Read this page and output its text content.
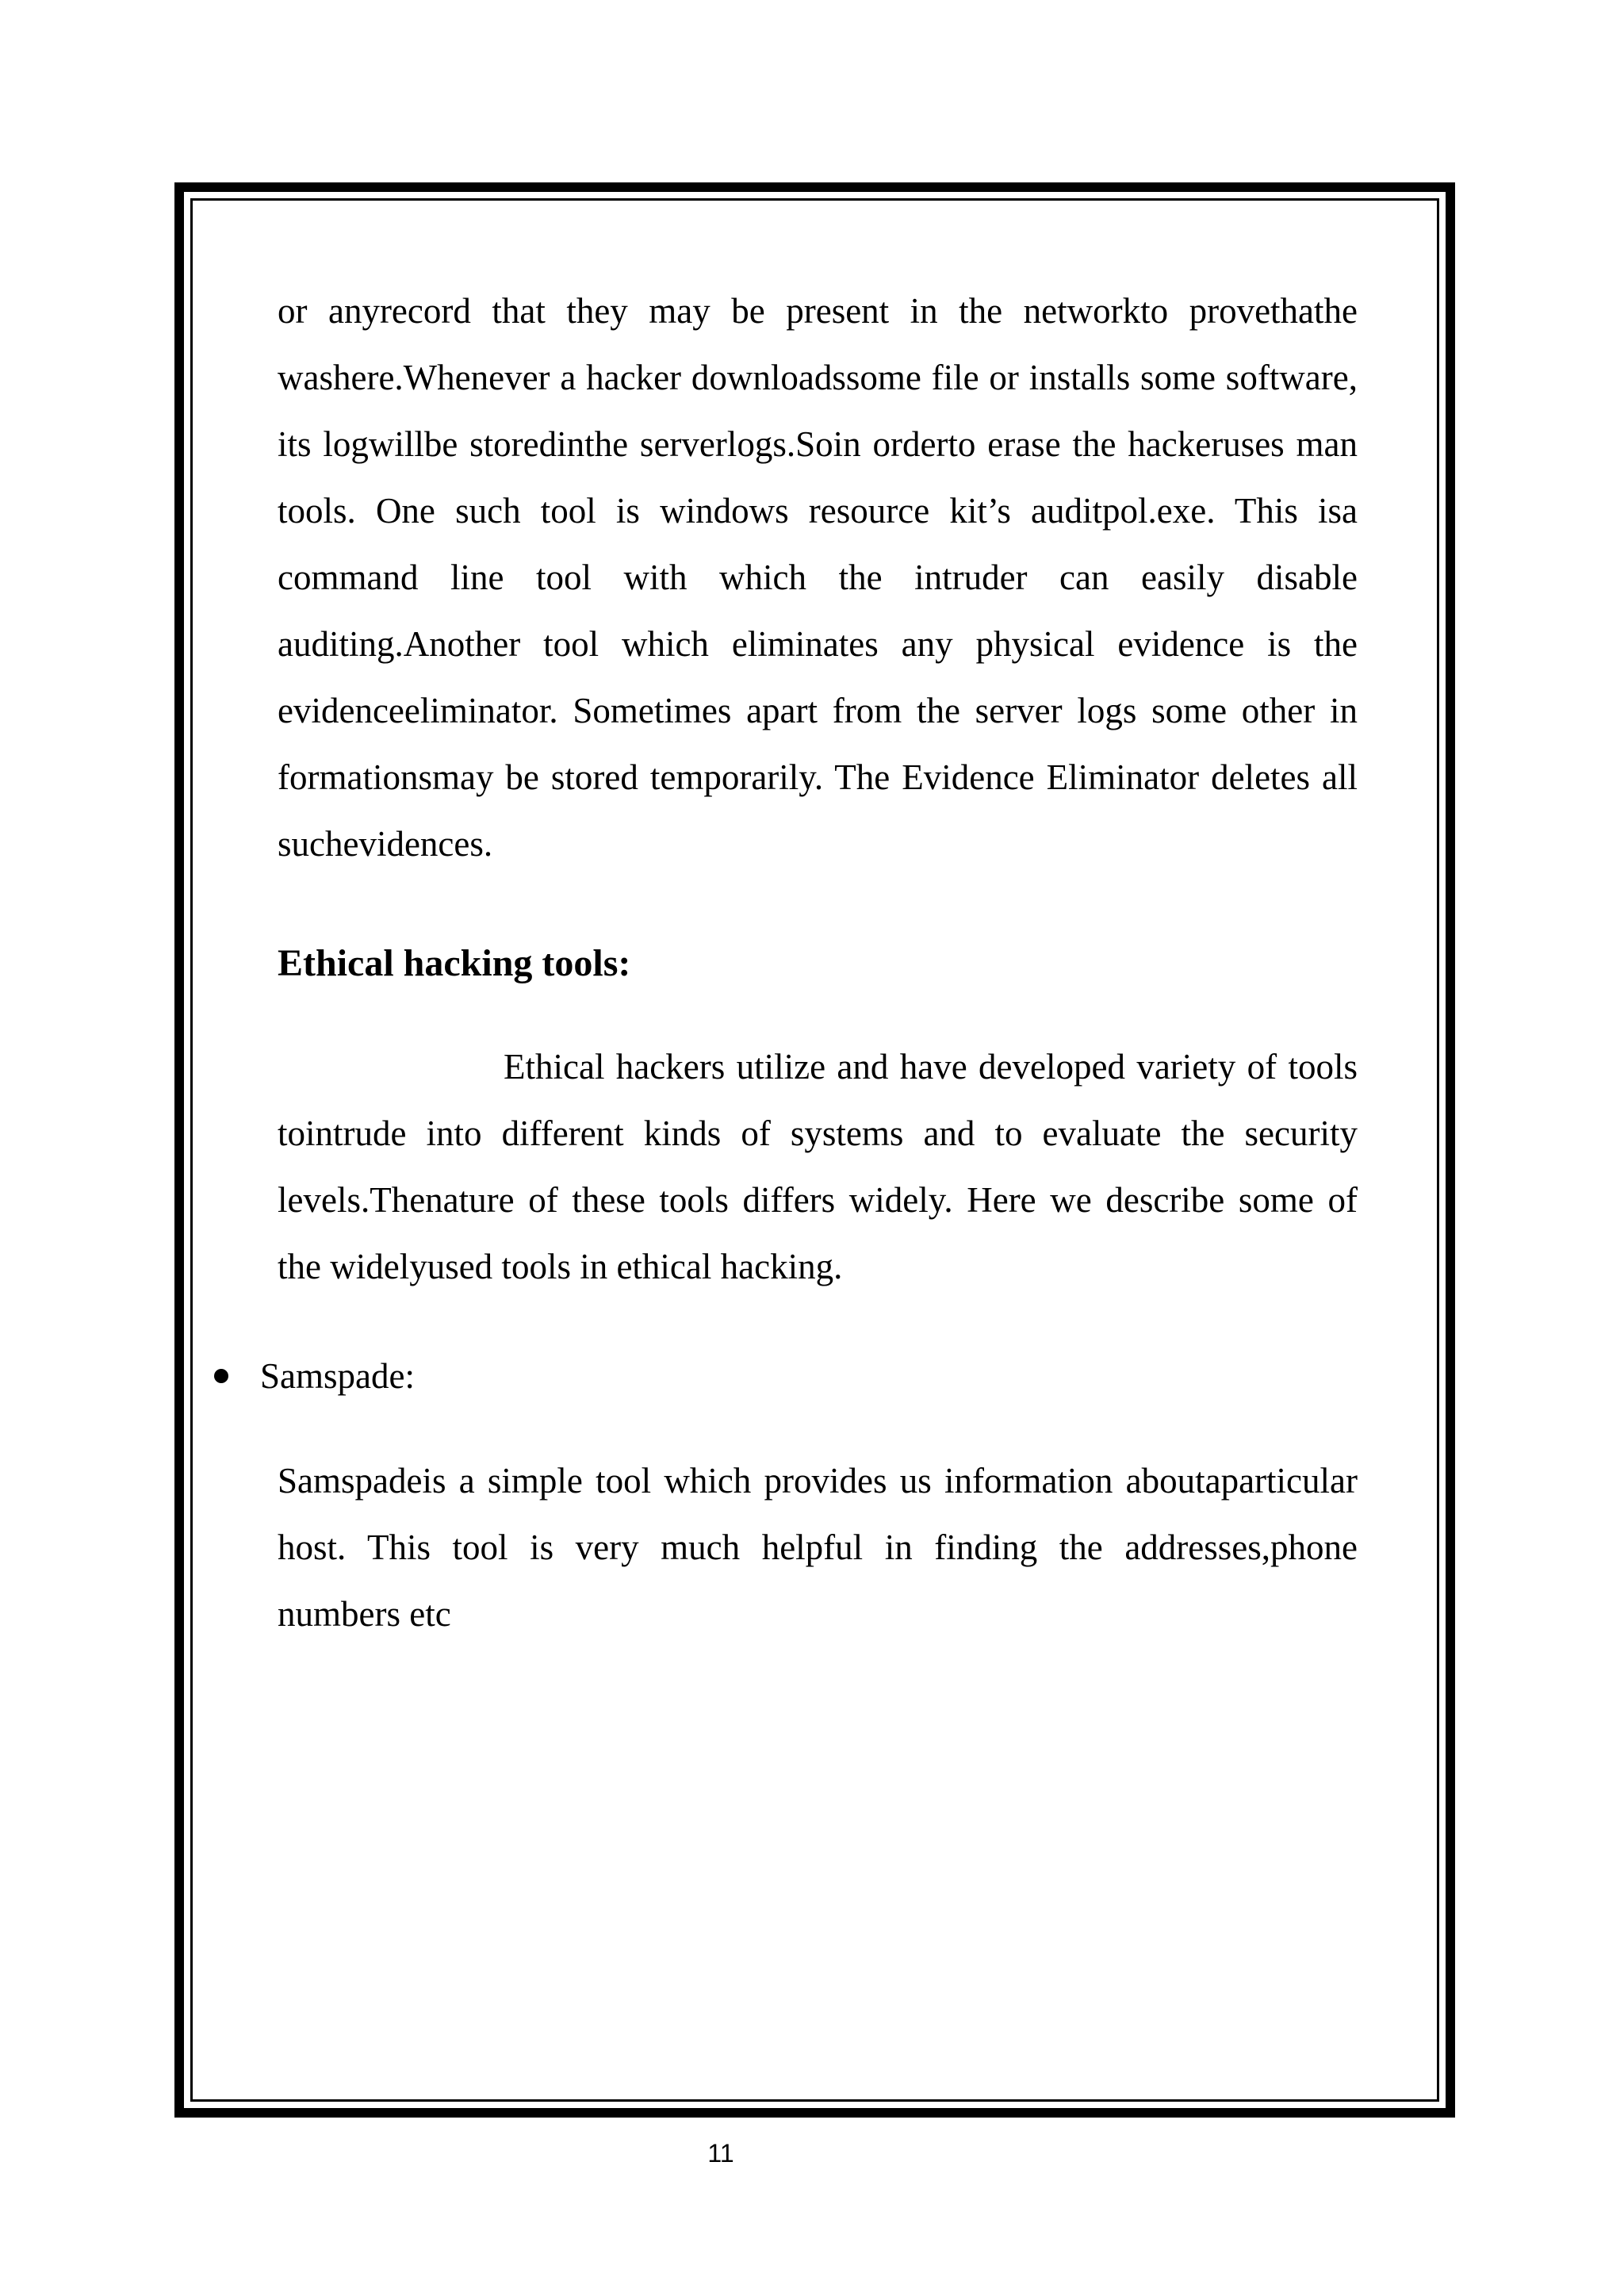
or anyrecord that they may be present in the networkto provethathe washere.Whenever a hacker downloadssome file or installs some software, its logwillbe storedinthe serverlogs.Soin orderto erase the hackeruses man tools. One such tool is windows resource kit’s auditpol.exe. This isa command line tool with which the intruder can easily disable auditing.Another tool which eliminates any physical evidence is the evidenceeliminator. Sometimes apart from the server logs some other in formationsmay be stored temporarily. The Evidence Eliminator deletes all suchevidences.

Ethical hacking tools:

Ethical hackers utilize and have developed variety of tools tointrude into different kinds of systems and to evaluate the security levels.Thenature of these tools differs widely. Here we describe some of the widelyused tools in ethical hacking.

Samspade:

Samspadeis a simple tool which provides us information aboutaparticular host. This tool is very much helpful in finding the addresses,phone numbers etc

11
